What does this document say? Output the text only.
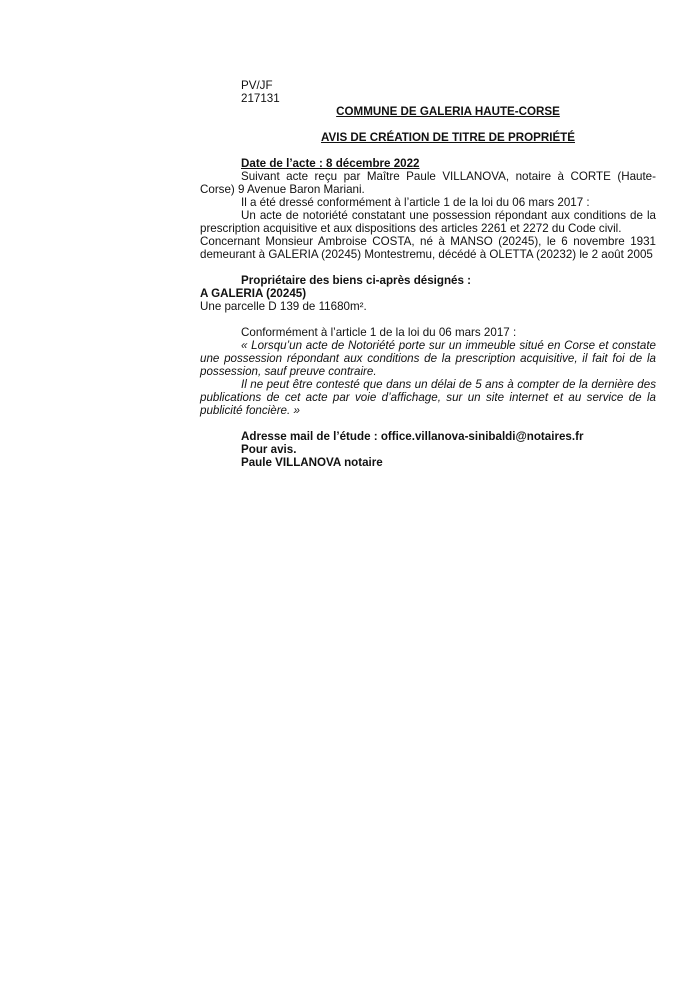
PV/JF
217131
COMMUNE DE GALERIA HAUTE-CORSE
AVIS DE CRÉATION DE TITRE DE PROPRIÉTÉ
Date de l’acte : 8 décembre 2022

Suivant acte reçu par Maître Paule VILLANOVA, notaire à CORTE (Haute-Corse) 9 Avenue Baron Mariani.

Il a été dressé conformément à l’article 1 de la loi du 06 mars 2017 :

Un acte de notoriété constatant une possession répondant aux conditions de la prescription acquisitive et aux dispositions des articles 2261 et 2272 du Code civil.

Concernant Monsieur Ambroise COSTA, né à MANSO (20245), le 6 novembre 1931 demeurant à GALERIA (20245) Montestremu, décédé à OLETTA (20232) le 2 août 2005

Propriétaire des biens ci-après désignés :
A GALERIA (20245)
Une parcelle D 139 de 11680m².

Conformément à l’article 1 de la loi du 06 mars 2017 :

« Lorsqu’un acte de Notoriété porte sur un immeuble situé en Corse et constate une possession répondant aux conditions de la prescription acquisitive, il fait foi de la possession, sauf preuve contraire.

Il ne peut être contesté que dans un délai de 5 ans à compter de la dernière des publications de cet acte par voie d’affichage, sur un site internet et au service de la publicité foncière. »

Adresse mail de l’étude : office.villanova-sinibaldi@notaires.fr
Pour avis.
Paule VILLANOVA notaire
